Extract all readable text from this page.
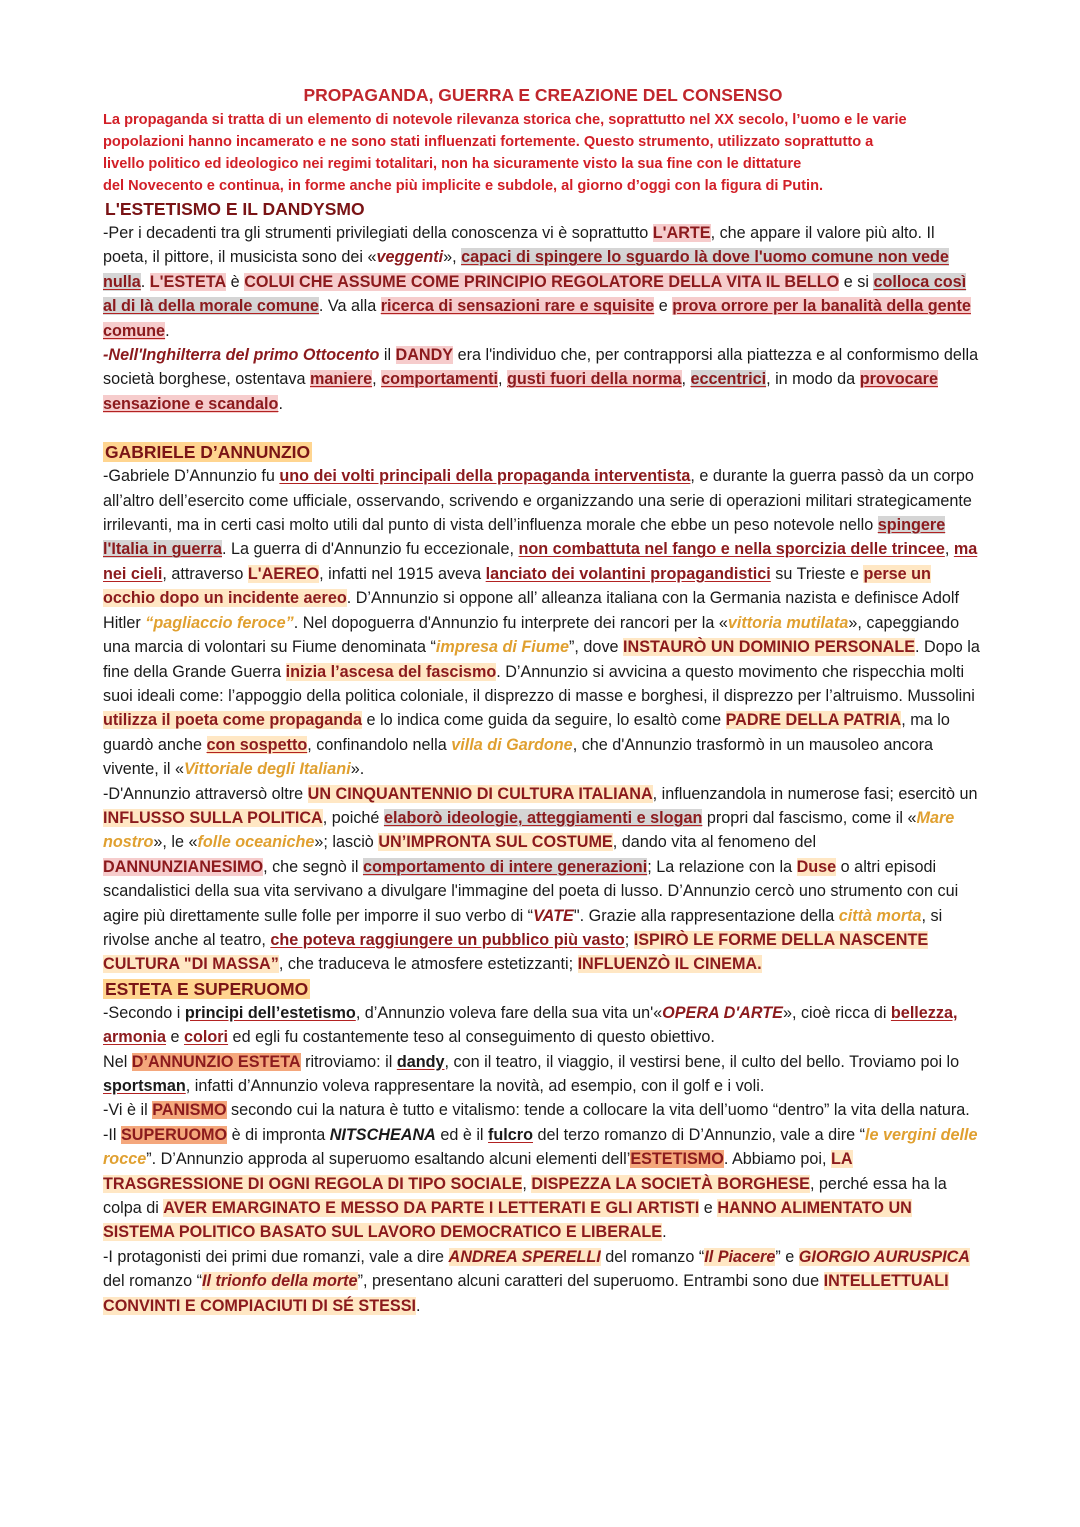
PROPAGANDA, GUERRA E CREAZIONE DEL CONSENSO
La propaganda si tratta di un elemento di notevole rilevanza storica che, soprattutto nel XX secolo, l’uomo e le varie
popolazioni hanno incamerato e ne sono stati influenzati fortemente. Questo strumento, utilizzato soprattutto a
livello politico ed ideologico nei regimi totalitari, non ha sicuramente visto la sua fine con le dittature
del Novecento e continua, in forme anche più implicite e subdole, al giorno d’oggi con la figura di Putin.
L'ESTETISMO E IL DANDYSMO

-Per i decadenti tra gli strumenti privilegiati della conoscenza vi è soprattutto L'ARTE, che appare il valore più alto. Il poeta, il pittore, il musicista sono dei «veggenti», capaci di spingere lo sguardo là dove l'uomo comune non vede nulla. L'ESTETA è COLUI CHE ASSUME COME PRINCIPIO REGOLATORE DELLA VITA IL BELLO e si colloca così al di là della morale comune. Va alla ricerca di sensazioni rare e squisite e prova orrore per la banalità della gente comune.

-Nell'Inghilterra del primo Ottocento il DANDY era l'individuo che, per contrapporsi alla piattezza e al conformismo della società borghese, ostentava maniere, comportamenti, gusti fuori della norma, eccentrici, in modo da provocare sensazione e scandalo.

GABRIELE D’ANNUNZIO

-Gabriele D’Annunzio fu uno dei volti principali della propaganda interventista, e durante la guerra passò da un corpo all’altro dell’esercito come ufficiale, osservando, scrivendo e organizzando una serie di operazioni militari strategicamente irrilevanti, ma in certi casi molto utili dal punto di vista dell’influenza morale che ebbe un peso notevole nello spingere l'Italia in guerra. La guerra di d'Annunzio fu eccezionale, non combattuta nel fango e nella sporcizia delle trincee, ma nei cieli, attraverso L'AEREO, infatti nel 1915 aveva lanciato dei volantini propagandistici su Trieste e perse un occhio dopo un incidente aereo. D’Annunzio si oppone all’ alleanza italiana con la Germania nazista e definisce Adolf Hitler “pagliaccio feroce”. Nel dopoguerra d'Annunzio fu interprete dei rancori per la «vittoria mutilata», capeggiando una marcia di volontari su Fiume denominata “impresa di Fiume”, dove INSTAURÒ UN DOMINIO PERSONALE. Dopo la fine della Grande Guerra inizia l’ascesa del fascismo. D’Annunzio si avvicina a questo movimento che rispecchia molti suoi ideali come: l’appoggio della politica coloniale, il disprezzo di masse e borghesi, il disprezzo per l’altruismo. Mussolini utilizza il poeta come propaganda e lo indica come guida da seguire, lo esaltò come PADRE DELLA PATRIA, ma lo guardò anche con sospetto, confinandolo nella villa di Gardone, che d'Annunzio trasformò in un mausoleo ancora vivente, il «Vittoriale degli Italiani».

-D'Annunzio attraversò oltre UN CINQUANTENNIO DI CULTURA ITALIANA, influenzandola in numerose fasi; esercitò un INFLUSSO SULLA POLITICA, poiché elaborò ideologie, atteggiamenti e slogan propri dal fascismo, come il «Mare nostro», le «folle oceaniche»; lasciò UN’IMPRONTA SUL COSTUME, dando vita al fenomeno del DANNUNZIANESIMO, che segnò il comportamento di intere generazioni; La relazione con la Duse o altri episodi scandalistici della sua vita servivano a divulgare l'immagine del poeta di lusso. D’Annunzio cercò uno strumento con cui agire più direttamente sulle folle per imporre il suo verbo di “VATE". Grazie alla rappresentazione della città morta, si rivolse anche al teatro, che poteva raggiungere un pubblico più vasto; ISPIRÒ LE FORME DELLA NASCENTE CULTURA "DI MASSA”, che traduceva le atmosfere estetizzanti; INFLUENZÒ IL CINEMA.

ESTETA E SUPERUOMO

-Secondo i principi dell’estetismo, d’Annunzio voleva fare della sua vita un'«OPERA D'ARTE», cioè ricca di bellezza, armonia e colori ed egli fu costantemente teso al conseguimento di questo obiettivo.

Nel D’ANNUNZIO ESTETA ritroviamo: il dandy, con il teatro, il viaggio, il vestirsi bene, il culto del bello. Troviamo poi lo sportsman, infatti d’Annunzio voleva rappresentare la novità, ad esempio, con il golf e i voli.

-Vi è il PANISMO secondo cui la natura è tutto e vitalismo: tende a collocare la vita dell’uomo “dentro” la vita della natura.

-Il SUPERUOMO è di impronta NITSCHEANA ed è il fulcro del terzo romanzo di D’Annunzio, vale a dire “le vergini delle rocce”. D’Annunzio approda al superuomo esaltando alcuni elementi dell’ESTETISMO. Abbiamo poi, LA TRASGRESSIONE DI OGNI REGOLA DI TIPO SOCIALE, DISPEZZA LA SOCIETÀ BORGHESE, perché essa ha la colpa di AVER EMARGINATO E MESSO DA PARTE I LETTERATI E GLI ARTISTI e HANNO ALIMENTATO UN SISTEMA POLITICO BASATO SUL LAVORO DEMOCRATICO E LIBERALE.

-I protagonisti dei primi due romanzi, vale a dire ANDREA SPERELLI del romanzo “Il Piacere” e GIORGIO AURUSPICA del romanzo “Il trionfo della morte”, presentano alcuni caratteri del superuomo. Entrambi sono due INTELLETTUALI CONVINTI E COMPIACIUTI DI SÉ STESSI.
